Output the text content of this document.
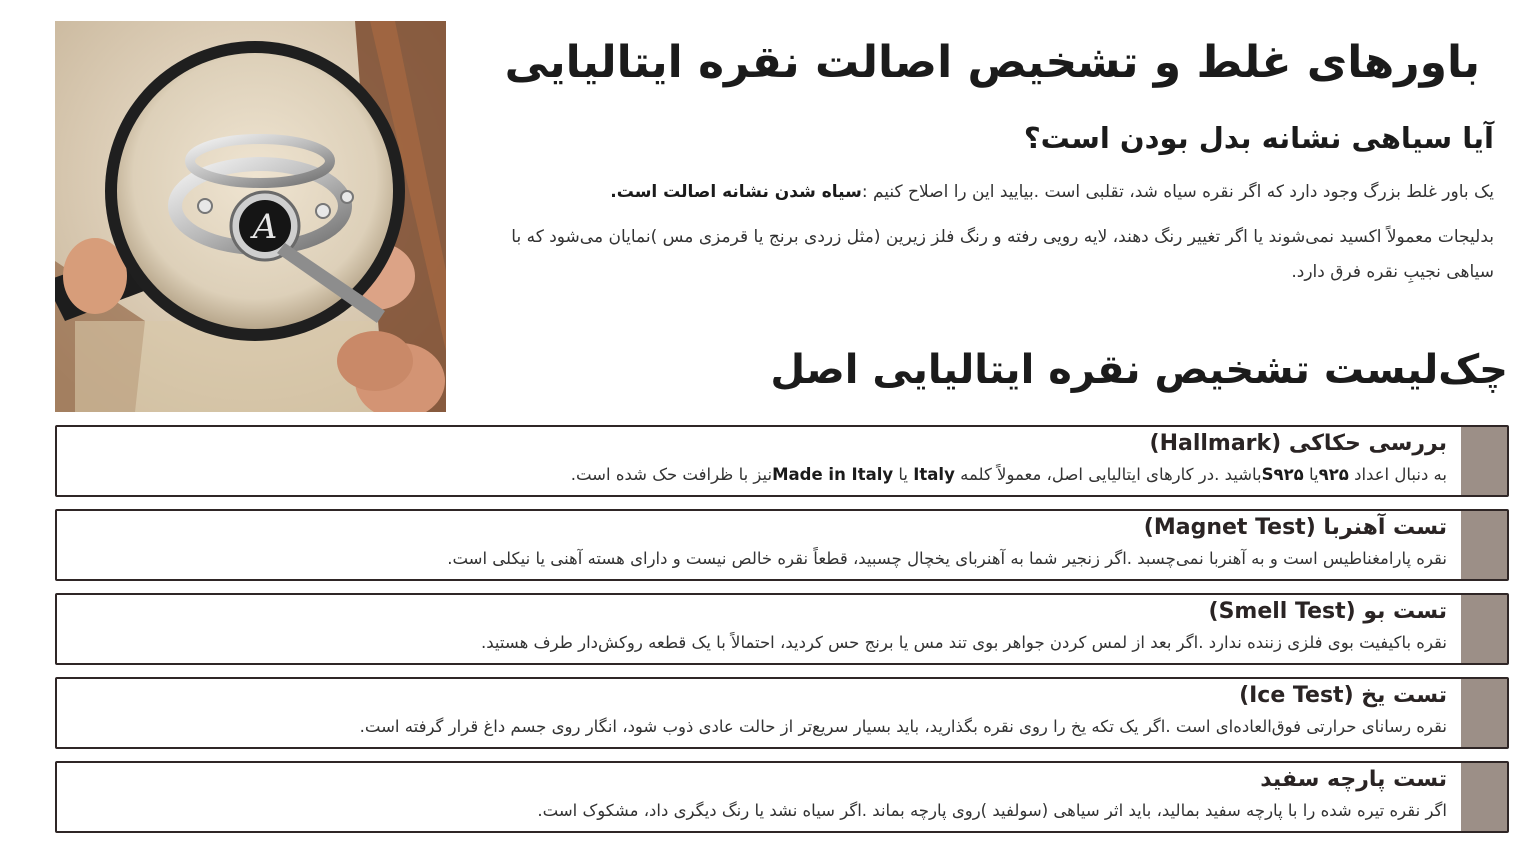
A
باورهای غلط و تشخیص اصالت نقره ایتالیایی
آیا سیاهی نشانه بدل بودن است؟

یک باور غلط بزرگ وجود دارد که اگر نقره سیاه شد، تقلبی است .بیایید این را اصلاح کنیم :سیاه شدن نشانه اصالت است.

بدلیجات معمولاً اکسید نمی‌شوند یا اگر تغییر رنگ دهند، لایه رویی رفته و رنگ فلز زیرین (مثل زردی برنج یا قرمزی مس )نمایان می‌شود که با سیاهی نجیبِ نقره فرق دارد.

چک‌لیست تشخیص نقره ایتالیایی اصل
بررسی حکاکی (Hallmark)
به دنبال اعداد ۹۲۵یا S۹۲۵باشید .در کارهای ایتالیایی اصل، معمولاً کلمه Italy یا Made in Italyنیز با ظرافت حک شده است.
تست آهنربا (Magnet Test)
نقره پارامغناطیس است و به آهنربا نمی‌چسبد .اگر زنجیر شما به آهنربای یخچال چسبید، قطعاً نقره خالص نیست و دارای هسته آهنی یا نیکلی است.
تست بو (Smell Test)
نقره باکیفیت بوی فلزی زننده ندارد .اگر بعد از لمس کردن جواهر بوی تند مس یا برنج حس کردید، احتمالاً با یک قطعه روکش‌دار طرف هستید.
تست یخ (Ice Test)
نقره رسانای حرارتی فوق‌العاده‌ای است .اگر یک تکه یخ را روی نقره بگذارید، باید بسیار سریع‌تر از حالت عادی ذوب شود، انگار روی جسم داغ قرار گرفته است.
تست پارچه سفید
اگر نقره تیره شده را با پارچه سفید بمالید، باید اثر سیاهی (سولفید )روی پارچه بماند .اگر سیاه نشد یا رنگ دیگری داد، مشکوک است.
